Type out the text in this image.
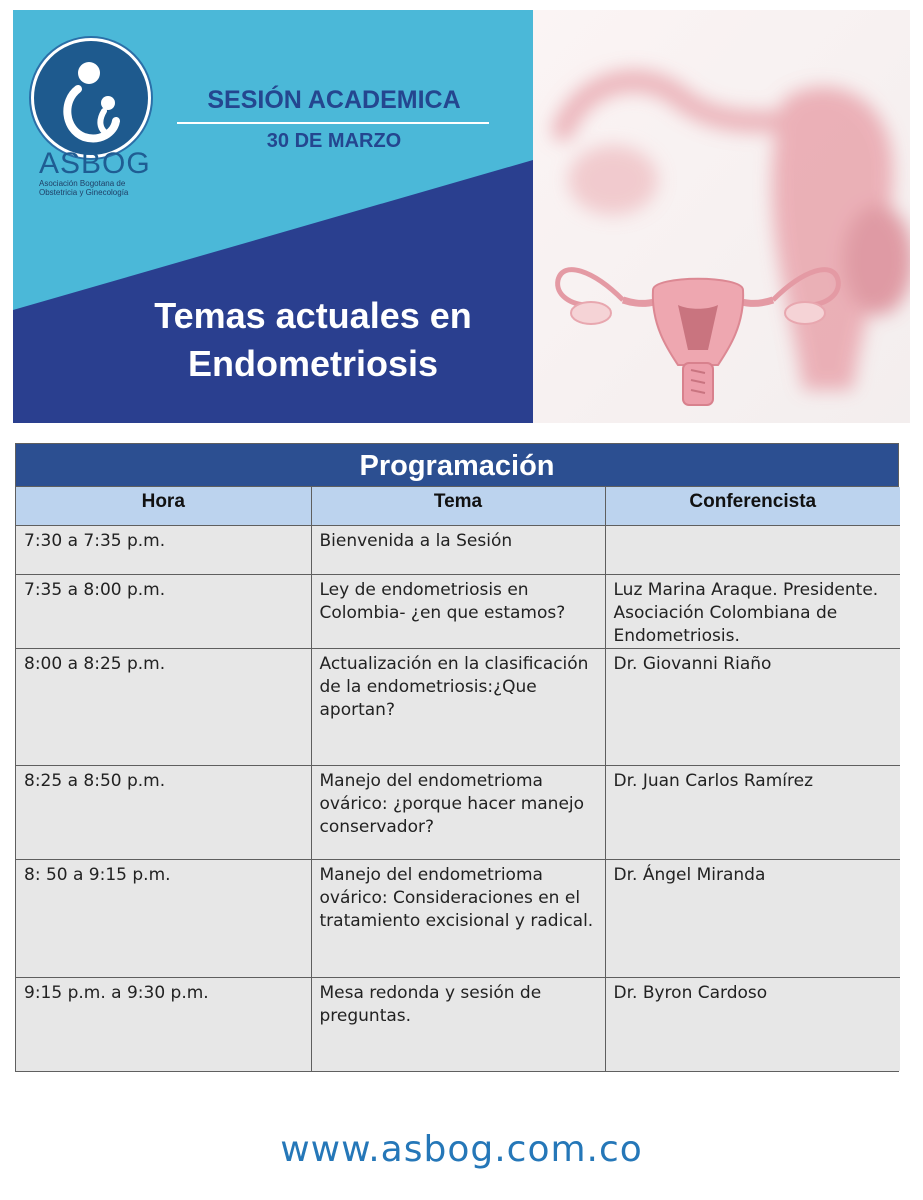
ASBOG
Asociación Bogotana de Obstetricia y Ginecología
SESIÓN ACADEMICA
30 DE MARZO
Temas actuales en
Endometriosis
Programación
Hora	Tema	Conferencista
7:30 a 7:35 p.m.	Bienvenida a la Sesión	
7:35 a 8:00 p.m.	Ley de endometriosis en Colombia- ¿en que estamos?	Luz Marina Araque. Presidente. Asociación Colombiana de Endometriosis.
8:00 a 8:25 p.m.	Actualización en la clasificación de la endometriosis:¿Que aportan?	Dr. Giovanni Riaño
8:25 a 8:50 p.m.	Manejo del endometrioma ovárico: ¿porque hacer manejo conservador?	Dr. Juan Carlos Ramírez
8: 50 a 9:15 p.m.	Manejo del endometrioma ovárico: Consideraciones en el tratamiento excisional y radical.	Dr. Ángel Miranda
9:15 p.m. a 9:30 p.m.	Mesa redonda y sesión de preguntas.	Dr. Byron Cardoso
www.asbog.com.co
